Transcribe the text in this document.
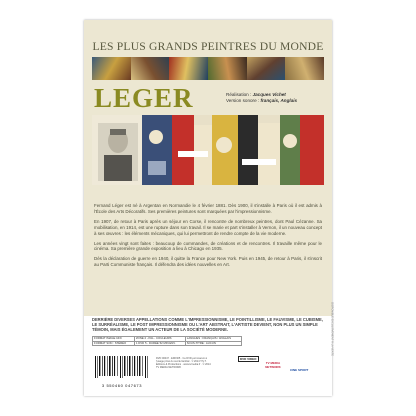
LES PLUS GRANDS PEINTRES DU MONDE
LEGER	Réalisation : Jacques Vichet
Version sonore : français, Anglais

Fernand Léger est né à Argentan en Normandie le 4 février 1881. Dès 1900, il s'installe à Paris où il est admis à l'École des Arts Décoratifs. Ses premières peintures sont marquées par l'impressionnisme.

En 1907, de retour à Paris après un séjour en Corse, il rencontre de nombreux peintres, dont Paul Cézanne. Sa mobilisation, en 1914, est une rupture dans son travail. Il se marie et part s'installer à Vernon, il un nouveau concept à ses œuvres : les éléments mécaniques, qui lui permettront de rendre compte de la vie moderne.

Les années vingt sont faites : beaucoup de commandes, de créations et de rencontres. Il travaille même pour le cinéma. Sa première grande exposition a lieu à Chicago en 1935.

Dès la déclaration de guerre en 1940, il quitte la France pour New York. Puis en 1945, de retour à Paris, il s'inscrit au Parti Communiste français. Il défendra des idées nouvelles en Art.

DERRIÈRE DIVERSES APPELLATIONS COMME L'IMPRESSIONNISME, LE POINTILLISME, LE FAUVISME, LE CUBISME, LE SURRÉALISME, LE POST IMPRESSIONNISME OU L'ART ABSTRAIT, L'ARTISTE DEVIENT, NON PLUS UN SIMPLE TÉMOIN, MAIS ÉGALEMENT UN ACTEUR DE LA SOCIÉTÉ MODERNE.
FORMAT IMAGE 16/9	ZONE 2 - PAL - COULEURS	LANGUES : FRANÇAIS / ANGLAIS
FORMAT SON : STÉRÉO	1 DVD 5 - DURÉE 52 MIN ENV.	SOUS-TITRE : AUCUN
3 550460 047673
DVD 00047 · EDF305 · Ce DVD est réservé à l'usage privé du cercle familial · © 2014 T.S.T. Éditions & Productions · www.tvmedia.fr · © 2014 TV MEDIA NETWORK
DVD VIDEO
TV MEDIA NETWORK
CINE SPORT
DISPONIBLE EXCLUSIVEMENT À LA VENTE
